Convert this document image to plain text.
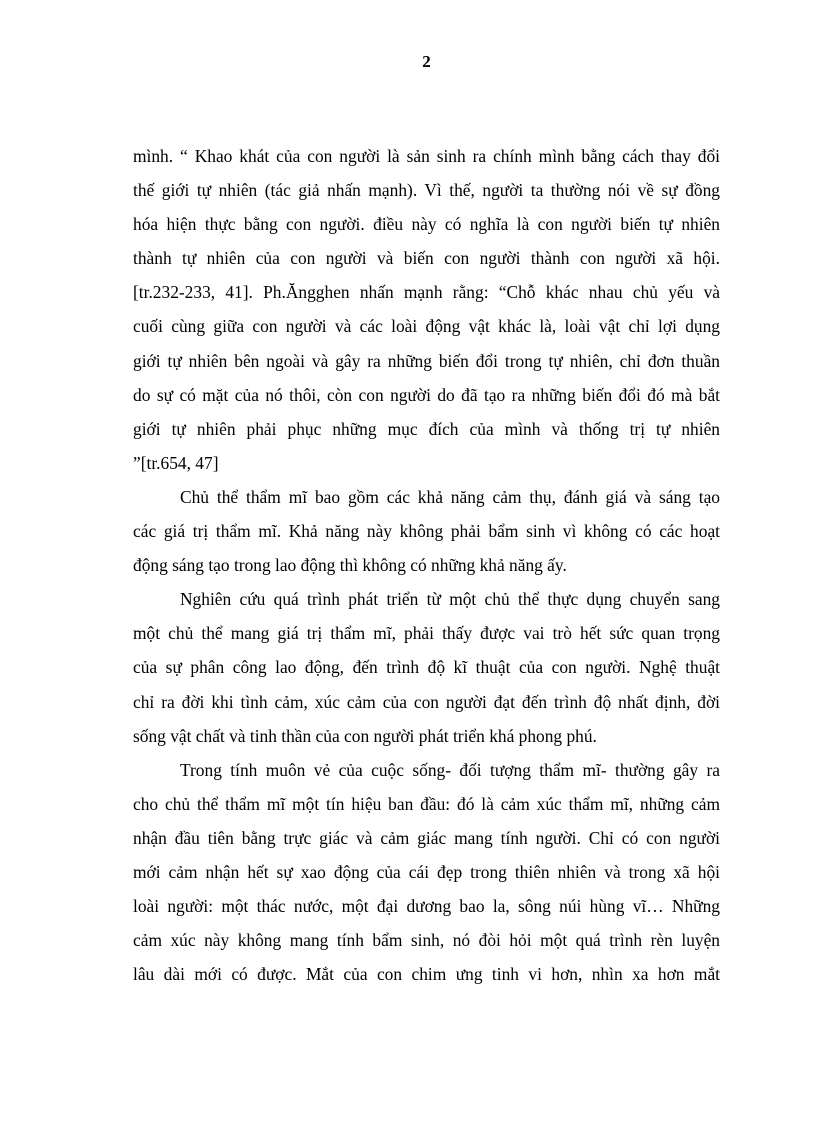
2
mình. “ Khao khát của con người là sản sinh ra chính mình bằng cách thay đổi
thế giới tự nhiên (tác giả nhấn mạnh). Vì thế, người ta thường nói về sự đồng
hóa hiện thực bằng con người. điều này có nghĩa là con người biến tự nhiên
thành tự nhiên của con người và biến con người thành con người xã hội.
[tr.232-233, 41]. Ph.Ăngghen nhấn mạnh rằng: “Chỗ khác nhau chủ yếu và
cuối cùng giữa con người và các loài động vật khác là, loài vật chỉ lợi dụng
giới tự nhiên bên ngoài và gây ra những biến đổi trong tự nhiên, chỉ đơn thuần
do sự có mặt của nó thôi, còn con người do đã tạo ra những biến đổi đó mà bắt
giới tự nhiên phải phục những mục đích của mình và thống trị tự nhiên
”[tr.654, 47]
Chủ thể thẩm mĩ bao gồm các khả năng cảm thụ, đánh giá và sáng tạo
các giá trị thẩm mĩ. Khả năng này không phải bẩm sinh vì không có các hoạt
động sáng tạo trong lao động thì không có những khả năng ấy.
Nghiên cứu quá trình phát triển từ một chủ thể thực dụng chuyển sang
một chủ thể mang giá trị thẩm mĩ, phải thấy được vai trò hết sức quan trọng
của sự phân công lao động, đến trình độ kĩ thuật của con người. Nghệ thuật
chỉ ra đời khi tình cảm, xúc cảm của con người đạt đến trình độ nhất định, đời
sống vật chất và tinh thần của con người phát triển khá phong phú.
Trong tính muôn vẻ của cuộc sống- đối tượng thẩm mĩ- thường gây ra
cho chủ thể thẩm mĩ một tín hiệu ban đầu: đó là cảm xúc thẩm mĩ, những cảm
nhận đầu tiên bằng trực giác và cảm giác mang tính người. Chỉ có con người
mới cảm nhận hết sự xao động của cái đẹp trong thiên nhiên và trong xã hội
loài người: một thác nước, một đại dương bao la, sông núi hùng vĩ… Những
cảm xúc này không mang tính bẩm sinh, nó đòi hỏi một quá trình rèn luyện
lâu dài mới có được. Mắt của con chim ưng tinh vi hơn, nhìn xa hơn mắt
